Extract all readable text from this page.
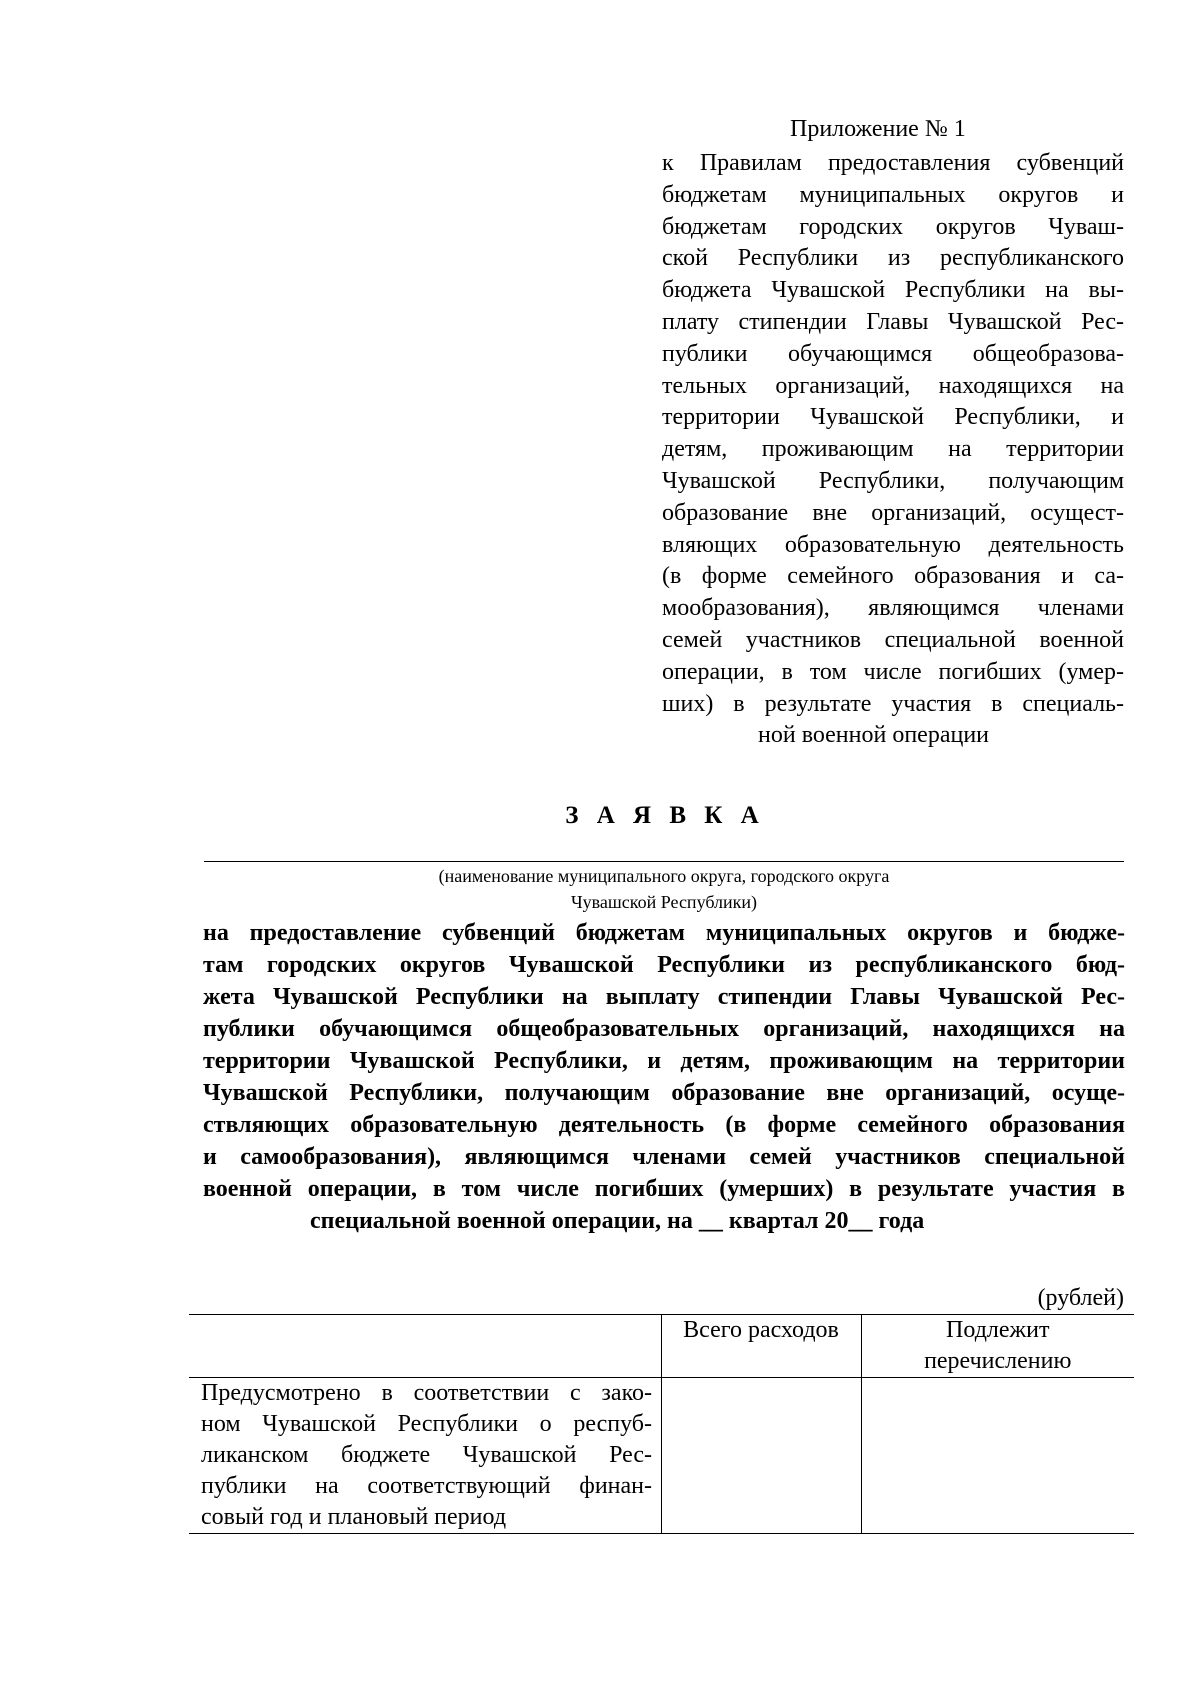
Приложение № 1
к Правилам предоставления субвенций
бюджетам муниципальных округов и
бюджетам городских округов Чуваш-
ской Республики из республиканского
бюджета Чувашской Республики на вы-
плату стипендии Главы Чувашской Рес-
публики обучающимся общеобразова-
тельных организаций, находящихся на
территории Чувашской Республики, и
детям, проживающим на территории
Чувашской Республики, получающим
образование вне организаций, осущест-
вляющих образовательную деятельность
(в форме семейного образования и са-
мообразования), являющимся членами
семей участников специальной военной
операции, в том числе погибших (умер-
ших) в результате участия в специаль-
ной военной операции
З А Я В К А
(наименование муниципального округа, городского округа
Чувашской Республики)
на предоставление субвенций бюджетам муниципальных округов и бюдже-
там городских округов Чувашской Республики из республиканского бюд-
жета Чувашской Республики на выплату стипендии Главы Чувашской Рес-
публики обучающимся общеобразовательных организаций, находящихся на
территории Чувашской Республики, и детям, проживающим на территории
Чувашской Республики, получающим образование вне организаций, осуще-
ствляющих образовательную деятельность (в форме семейного образования
и самообразования), являющимся членами семей участников специальной
военной операции, в том числе погибших (умерших) в результате участия в
специальной военной операции, на __ квартал 20__ года
(рублей)

	Всего расходов	Подлежит
перечислению

Предусмотрено в соответствии с зако-
ном Чувашской Республики о респуб-
ликанском бюджете Чувашской Рес-
публики на соответствующий финан-
совый год и плановый период		
